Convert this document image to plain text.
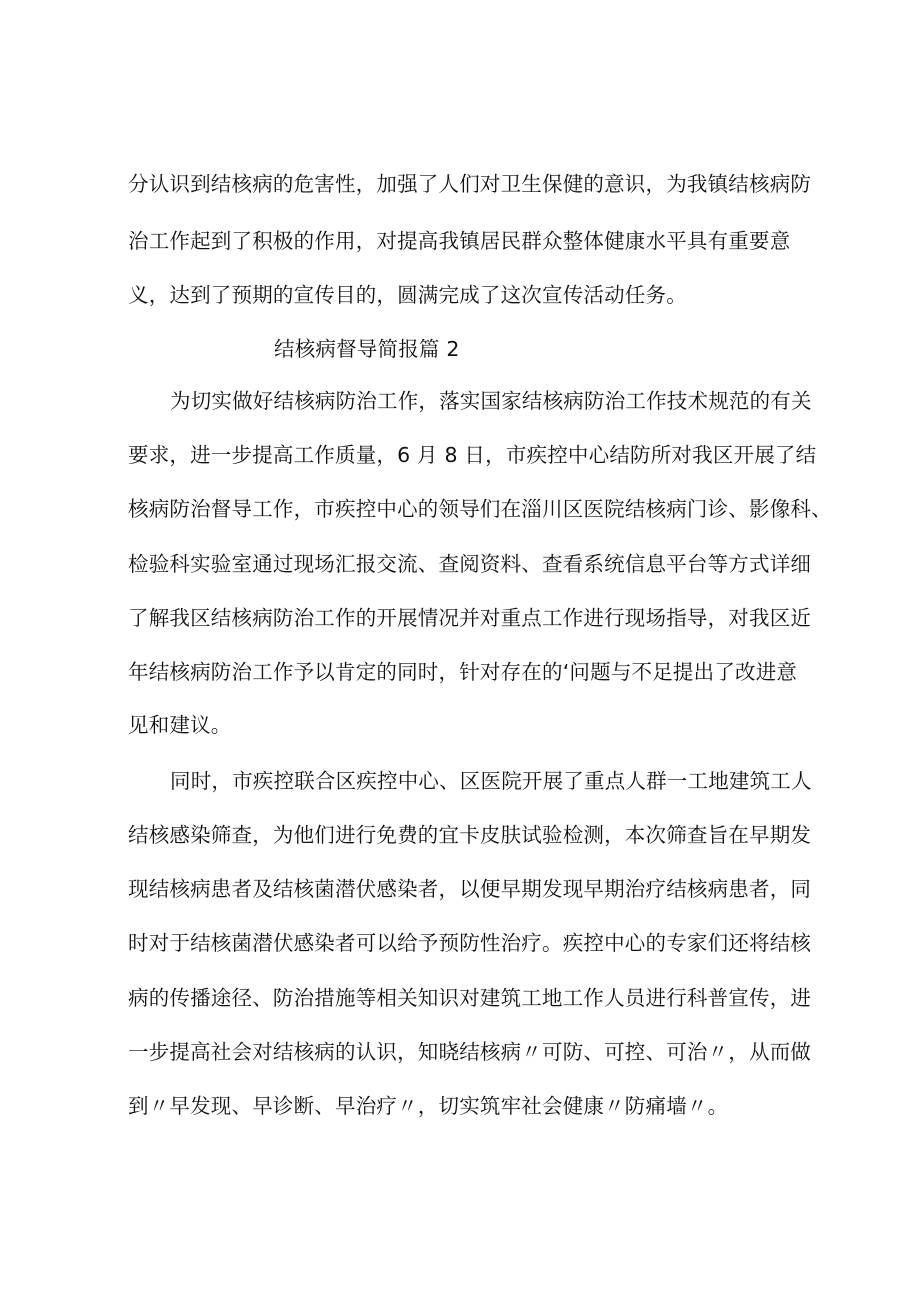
分认识到结核病的危害性，加强了人们对卫生保健的意识，为我镇结核病防
治工作起到了积极的作用，对提高我镇居民群众整体健康水平具有重要意
义，达到了预期的宣传目的，圆满完成了这次宣传活动任务。
结核病督导简报篇 2
为切实做好结核病防治工作，落实国家结核病防治工作技术规范的有关
要求，进一步提高工作质量，6 月 8 日，市疾控中心结防所对我区开展了结
核病防治督导工作，市疾控中心的领导们在淄川区医院结核病门诊、影像科、
检验科实验室通过现场汇报交流、查阅资料、查看系统信息平台等方式详细
了解我区结核病防治工作的开展情况并对重点工作进行现场指导，对我区近
年结核病防治工作予以肯定的同时，针对存在的‘问题与不足提出了改进意
见和建议。
同时，市疾控联合区疾控中心、区医院开展了重点人群一工地建筑工人
结核感染筛查，为他们进行免费的宜卡皮肤试验检测，本次筛查旨在早期发
现结核病患者及结核菌潜伏感染者，以便早期发现早期治疗结核病患者，同
时对于结核菌潜伏感染者可以给予预防性治疗。疾控中心的专家们还将结核
病的传播途径、防治措施等相关知识对建筑工地工作人员进行科普宣传，进
一步提高社会对结核病的认识，知晓结核病〃可防、可控、可治〃，从而做
到〃早发现、早诊断、早治疗〃，切实筑牢社会健康〃防痛墙〃。
